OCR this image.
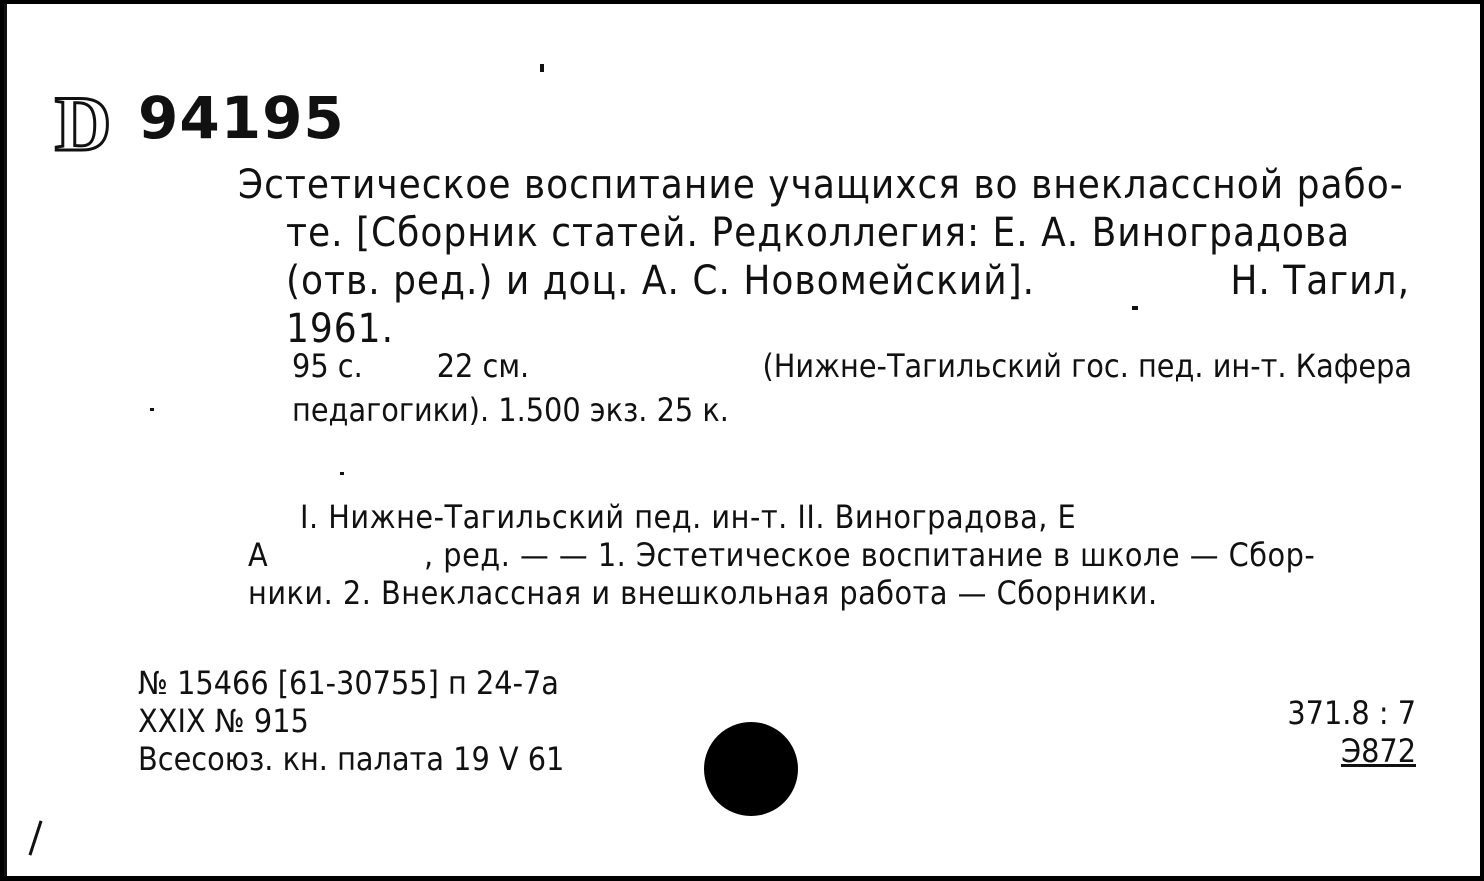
D 94195

Эстетическое воспитание учащихся во внеклассной рабо-

те. [Сборник статей. Редколлегия: Е. А. Виноградова

(отв. ред.) и доц. А. С. Новомейский].	Н. Тагил,

1961.

95 с. 22 см.	(Нижне-Тагильский гос. пед. ин-т. Кафера
педагогики). 1.500 экз. 25 к.
I. Нижне-Тагильский пед. ин-т. II. Виноградова, Е
А	, ред. — — 1. Эстетическое воспитание в школе — Сбор-
ники. 2. Внеклассная и внешкольная работа — Сборники.
№ 15466 [61-30755] п 24-7а
XXIX № 915
Всесоюз. кн. палата 19 V 61
371.8 : 7
Э872
